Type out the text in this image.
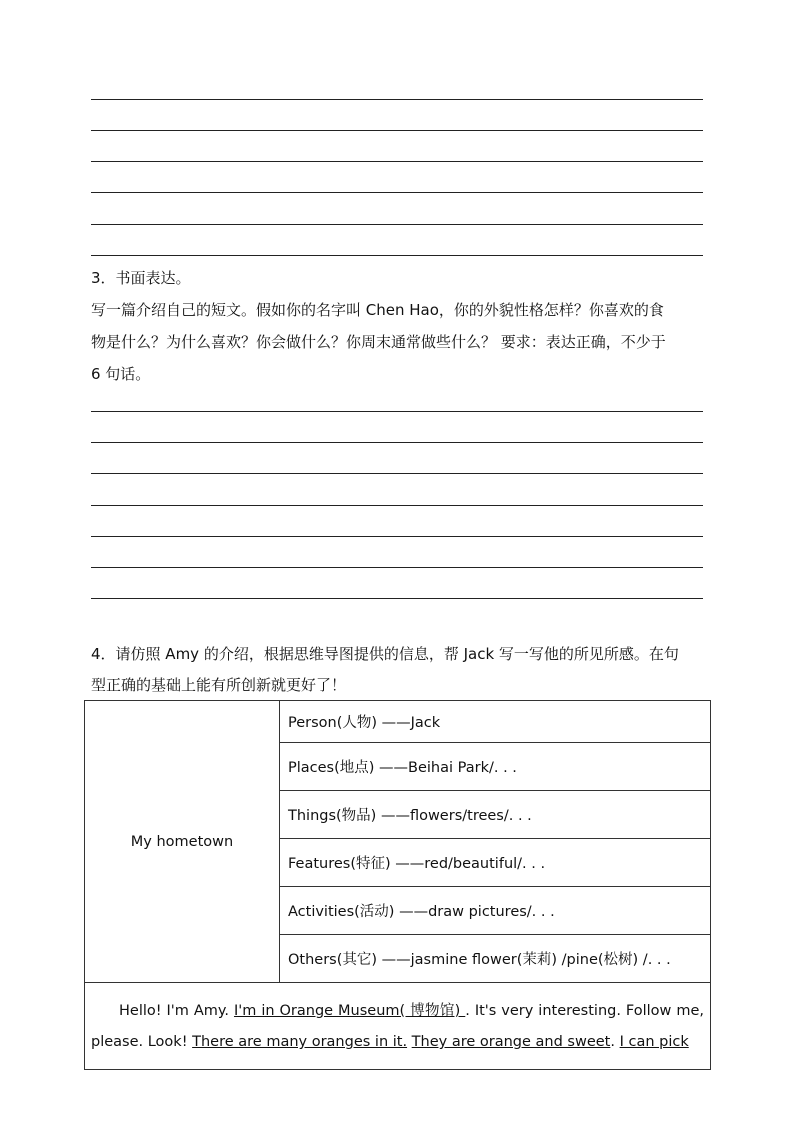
3．书面表达。
写一篇介绍自己的短文。假如你的名字叫 Chen Hao，你的外貌性格怎样？你喜欢的食
物是什么？为什么喜欢？你会做什么？你周末通常做些什么？ 要求：表达正确，不少于
6 句话。
4．请仿照 Amy 的介绍，根据思维导图提供的信息，帮 Jack 写一写他的所见所感。在句
型正确的基础上能有所创新就更好了！
My hometown	Person(人物) ——Jack
Places(地点) ——Beihai Park/. . .
Things(物品) ——flowers/trees/. . .
Features(特征) ——red/beautiful/. . .
Activities(活动) ——draw pictures/. . .
Others(其它) ——jasmine flower(茉莉) /pine(松树) /. . .
Hello! I'm Amy. I'm in Orange Museum( 博物馆) . It's very interesting. Follow me, please. Look! There are many oranges in it. They are orange and sweet. I can pick
